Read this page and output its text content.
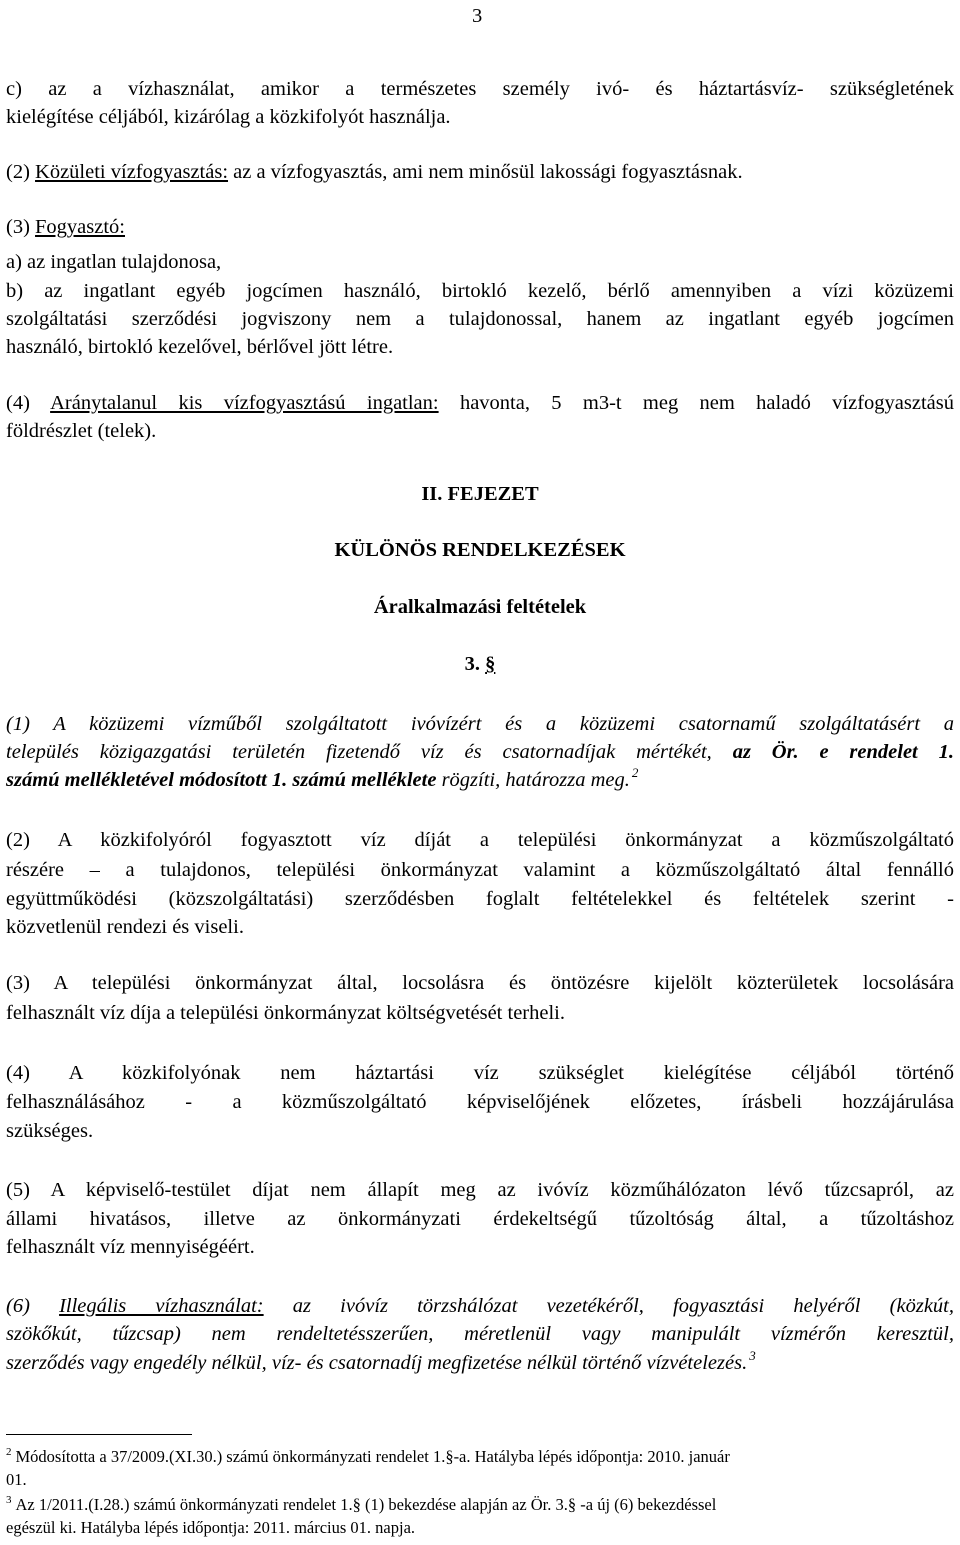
3
c) az a vízhasználat, amikor a természetes személy ivó- és háztartásvíz- szükségletének
kielégítése céljából, kizárólag a közkifolyót használja.
(2) Közületi vízfogyasztás: az a vízfogyasztás, ami nem minősül lakossági fogyasztásnak.
(3) Fogyasztó:
a) az ingatlan tulajdonosa,
b) az ingatlant egyéb jogcímen használó, birtokló kezelő, bérlő amennyiben a vízi közüzemi
szolgáltatási szerződési jogviszony nem a tulajdonossal, hanem az ingatlant egyéb jogcímen
használó, birtokló kezelővel, bérlővel jött létre.
(4) Aránytalanul kis vízfogyasztású ingatlan: havonta, 5 m3-t meg nem haladó vízfogyasztású
földrészlet (telek).
II. FEJEZET
KÜLÖNÖS RENDELKEZÉSEK
Áralkalmazási feltételek
3. §
(1) A közüzemi vízműből szolgáltatott ivóvízért és a közüzemi csatornamű szolgáltatásért a
település közigazgatási területén fizetendő víz és csatornadíjak mértékét, az Ör. e rendelet 1.
számú mellékletével módosított 1. számú melléklete rögzíti, határozza meg. $^2$
(2) A közkifolyóról fogyasztott víz díját a települési önkormányzat a közműszolgáltató
részére – a tulajdonos, települési önkormányzat valamint a közműszolgáltató által fennálló
együttműködési (közszolgáltatási) szerződésben foglalt feltételekkel és feltételek szerint -
közvetlenül rendezi és viseli.
(3) A települési önkormányzat által, locsolásra és öntözésre kijelölt közterületek locsolására
felhasznált víz díja a települési önkormányzat költségvetését terheli.
(4) A közkifolyónak nem háztartási víz szükséglet kielégítése céljából történő
felhasználásához - a közműszolgáltató képviselőjének előzetes, írásbeli hozzájárulása
szükséges.
(5) A képviselő-testület díjat nem állapít meg az ivóvíz közműhálózaton lévő tűzcsapról, az
állami hivatásos, illetve az önkormányzati érdekeltségű tűzoltóság által, a tűzoltáshoz
felhasznált víz mennyiségéért.
(6) Illegális vízhasználat: az ivóvíz törzshálózat vezetékéről, fogyasztási helyéről (közkút,
szökőkút, tűzcsap) nem rendeltetésszerűen, méretlenül vagy manipulált vízmérőn keresztül,
szerződés vagy engedély nélkül, víz- és csatornadíj megfizetése nélkül történő vízvételezés. $^3$
$^2$ Módosította a 37/2009.(XI.30.) számú önkormányzati rendelet 1.§-a. Hatályba lépés időpontja: 2010. január
01.
$^3$ Az 1/2011.(I.28.) számú önkormányzati rendelet 1.§ (1) bekezdése alapján az Ör. 3.§ -a új (6) bekezdéssel
egészül ki. Hatályba lépés időpontja: 2011. március 01. napja.
